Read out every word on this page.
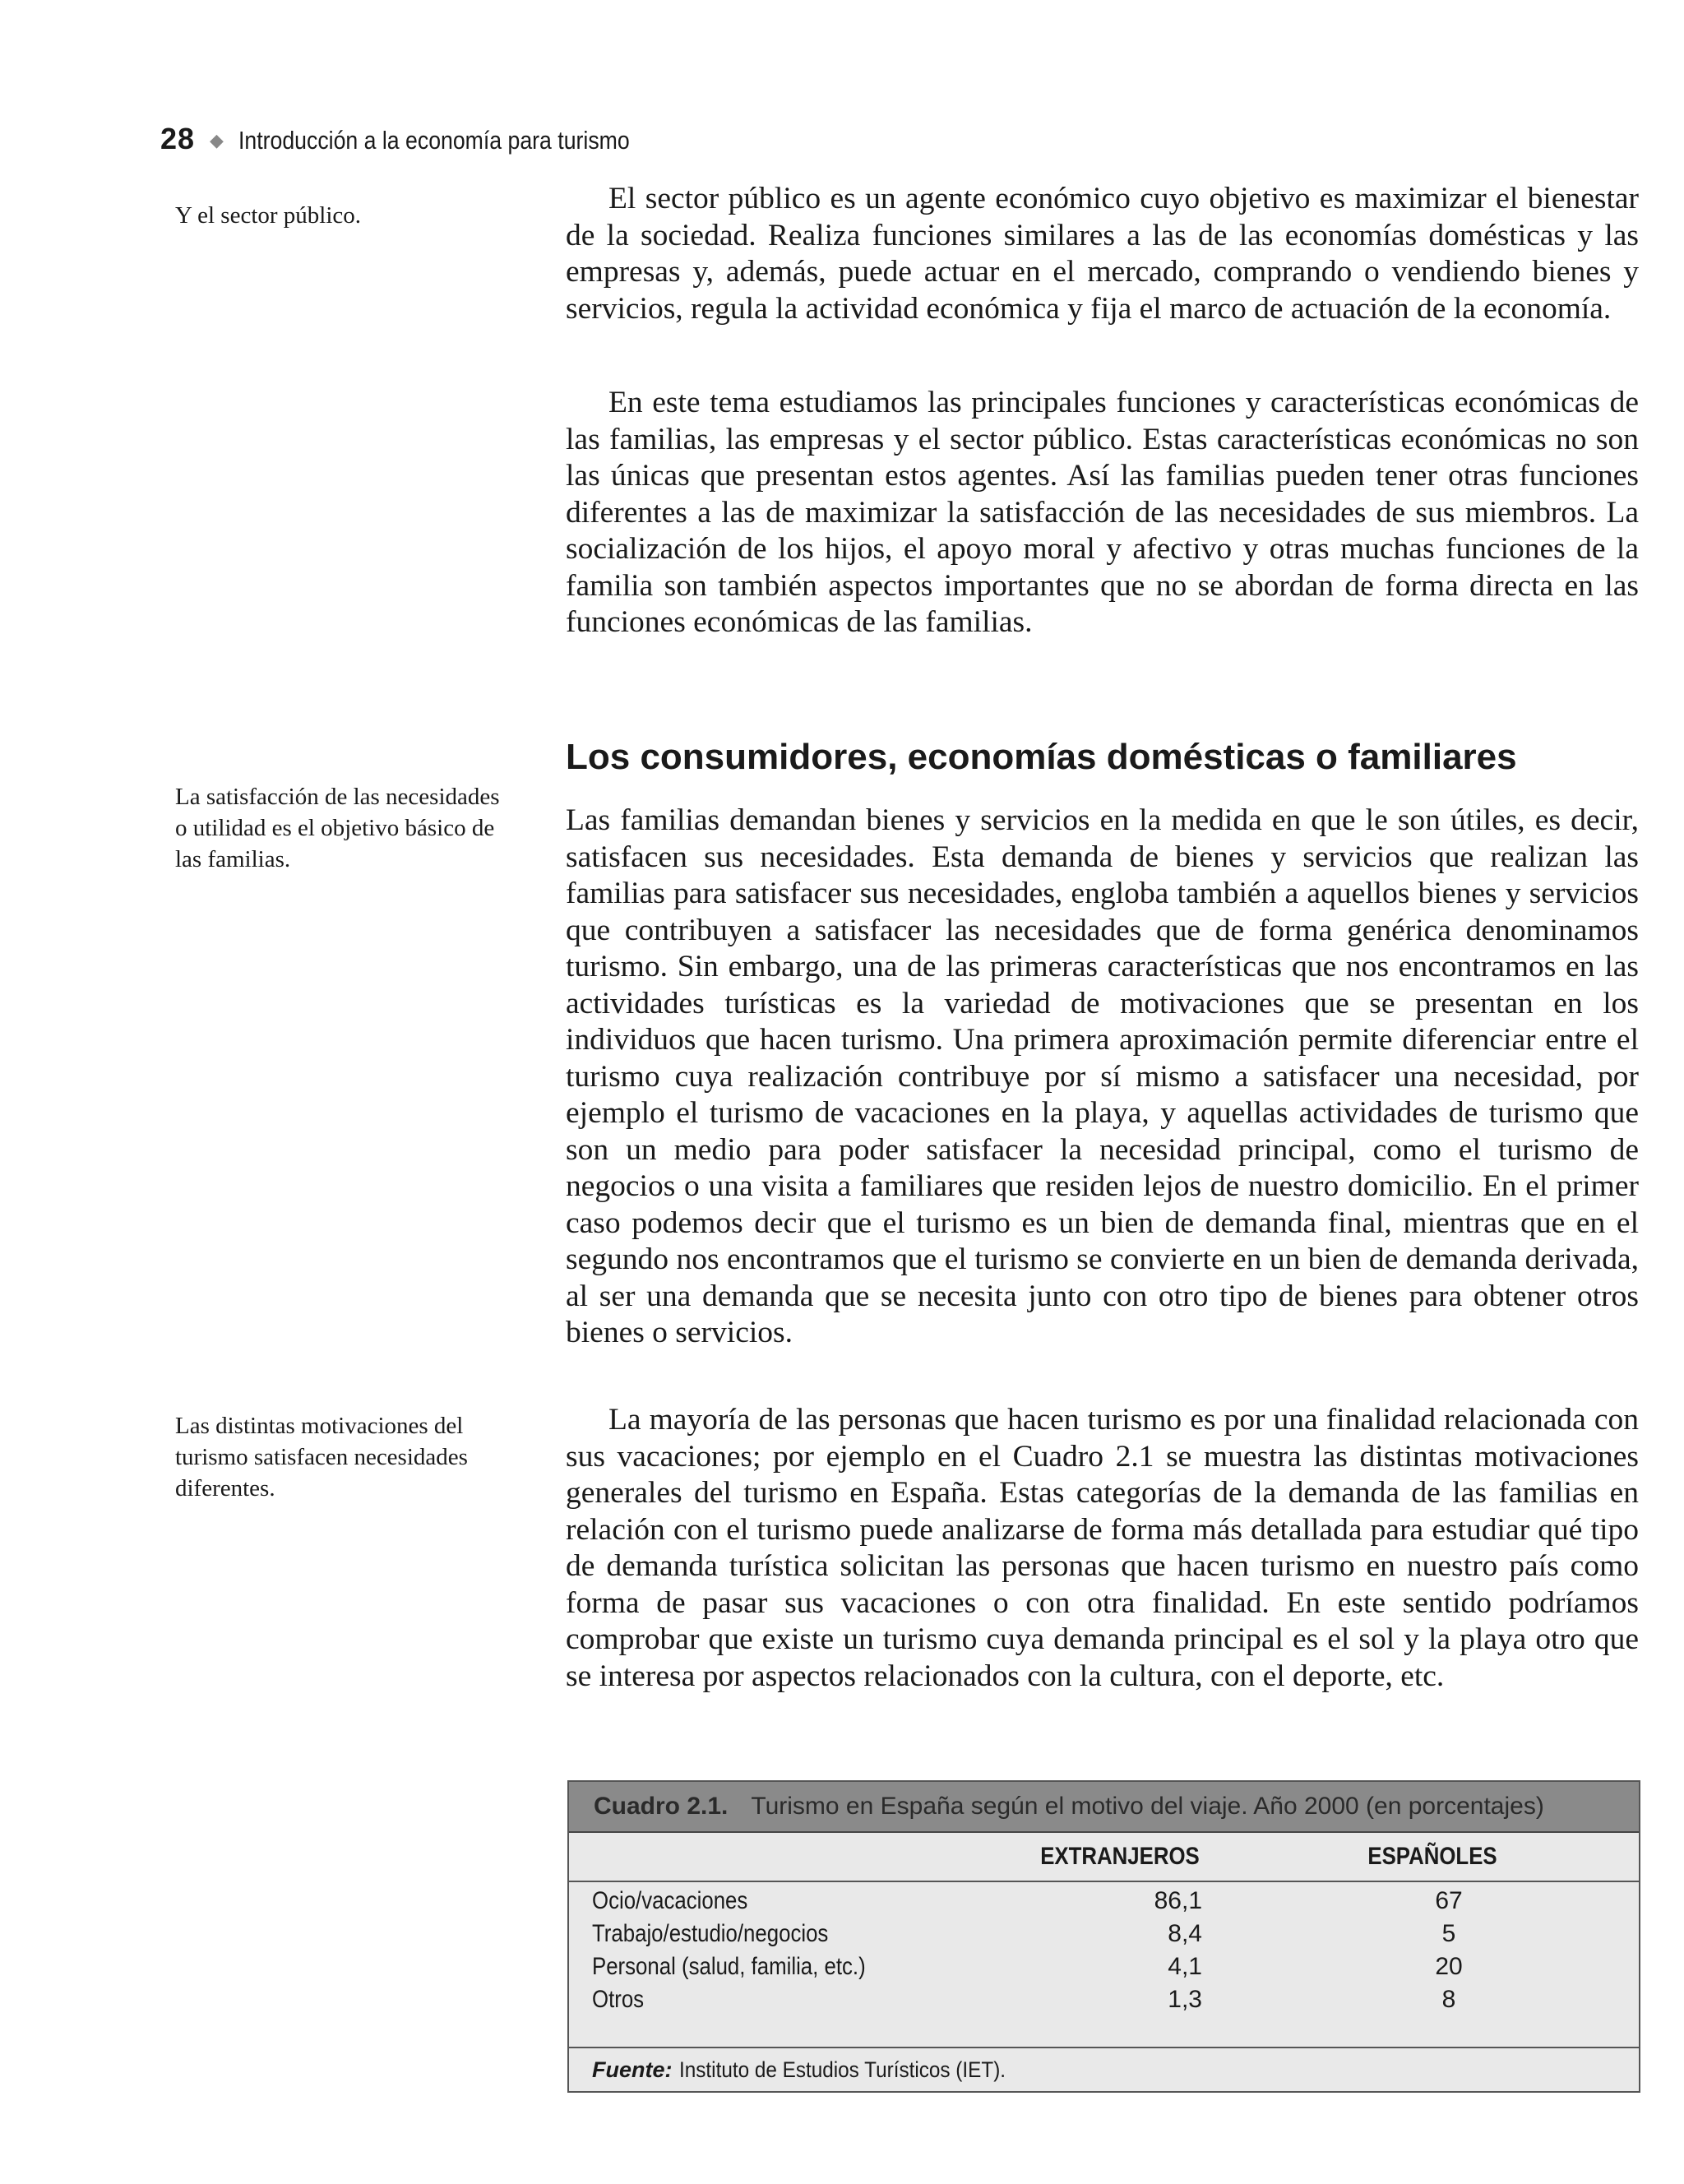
28 ◆ Introducción a la economía para turismo
Y el sector público.
La satisfacción de las necesidades o utilidad es el objetivo básico de las familias.
Las distintas motivaciones del turismo satisfacen necesidades diferentes.

El sector público es un agente económico cuyo objetivo es maximizar el bienestar de la sociedad. Realiza funciones similares a las de las economías domésticas y las empresas y, además, puede actuar en el mercado, comprando o vendiendo bienes y servicios, regula la actividad económica y fija el marco de actuación de la economía.

En este tema estudiamos las principales funciones y características económicas de las familias, las empresas y el sector público. Estas características económicas no son las únicas que presentan estos agentes. Así las familias pueden tener otras funciones diferentes a las de maximizar la satisfacción de las necesidades de sus miembros. La socialización de los hijos, el apoyo moral y afectivo y otras muchas funciones de la familia son también aspectos importantes que no se abordan de forma directa en las funciones económicas de las familias.

Los consumidores, economías domésticas o familiares

Las familias demandan bienes y servicios en la medida en que le son útiles, es decir, satisfacen sus necesidades. Esta demanda de bienes y servicios que realizan las familias para satisfacer sus necesidades, engloba también a aquellos bienes y servicios que contribuyen a satisfacer las necesidades que de forma genérica denominamos turismo. Sin embargo, una de las primeras características que nos encontramos en las actividades turísticas es la variedad de motivaciones que se presentan en los individuos que hacen turismo. Una primera aproximación permite diferenciar entre el turismo cuya realización contribuye por sí mismo a satisfacer una necesidad, por ejemplo el turismo de vacaciones en la playa, y aquellas actividades de turismo que son un medio para poder satisfacer la necesidad principal, como el turismo de negocios o una visita a familiares que residen lejos de nuestro domicilio. En el primer caso podemos decir que el turismo es un bien de demanda final, mientras que en el segundo nos encontramos que el turismo se convierte en un bien de demanda derivada, al ser una demanda que se necesita junto con otro tipo de bienes para obtener otros bienes o servicios.

La mayoría de las personas que hacen turismo es por una finalidad relacionada con sus vacaciones; por ejemplo en el Cuadro 2.1 se muestra las distintas motivaciones generales del turismo en España. Estas categorías de la demanda de las familias en relación con el turismo puede analizarse de forma más detallada para estudiar qué tipo de demanda turística solicitan las personas que hacen turismo en nuestro país como forma de pasar sus vacaciones o con otra finalidad. En este sentido podríamos comprobar que existe un turismo cuya demanda principal es el sol y la playa otro que se interesa por aspectos relacionados con la cultura, con el deporte, etc.

Cuadro 2.1. Turismo en España según el motivo del viaje. Año 2000 (en porcentajes)
EXTRANJEROS	ESPAÑOLES
Ocio/vacaciones	86,1	67
Trabajo/estudio/negocios	8,4	5
Personal (salud, familia, etc.)	4,1	20
Otros	1,3	8
Fuente: Instituto de Estudios Turísticos (IET).
